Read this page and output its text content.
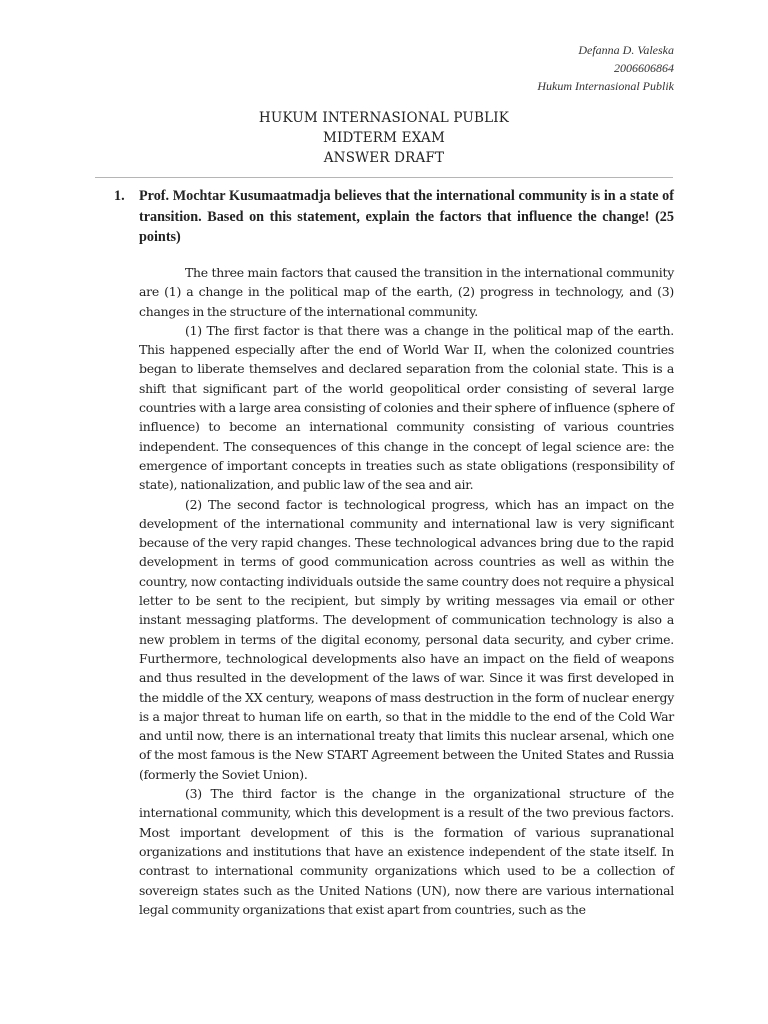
Defanna D. Valeska
2006606864
Hukum Internasional Publik
HUKUM INTERNASIONAL PUBLIK
MIDTERM EXAM
ANSWER DRAFT
1. Prof. Mochtar Kusumaatmadja believes that the international community is in a state of transition. Based on this statement, explain the factors that influence the change! (25 points)

The three main factors that caused the transition in the international community are (1) a change in the political map of the earth, (2) progress in technology, and (3) changes in the structure of the international community.

(1) The first factor is that there was a change in the political map of the earth. This happened especially after the end of World War II, when the colonized countries began to liberate themselves and declared separation from the colonial state. This is a shift that significant part of the world geopolitical order consisting of several large countries with a large area consisting of colonies and their sphere of influence (sphere of influence) to become an international community consisting of various countries independent. The consequences of this change in the concept of legal science are: the emergence of important concepts in treaties such as state obligations (responsibility of state), nationalization, and public law of the sea and air.

(2) The second factor is technological progress, which has an impact on the development of the international community and international law is very significant because of the very rapid changes. These technological advances bring due to the rapid development in terms of good communication across countries as well as within the country, now contacting individuals outside the same country does not require a physical letter to be sent to the recipient, but simply by writing messages via email or other instant messaging platforms. The development of communication technology is also a new problem in terms of the digital economy, personal data security, and cyber crime. Furthermore, technological developments also have an impact on the field of weapons and thus resulted in the development of the laws of war. Since it was first developed in the middle of the XX century, weapons of mass destruction in the form of nuclear energy is a major threat to human life on earth, so that in the middle to the end of the Cold War and until now, there is an international treaty that limits this nuclear arsenal, which one of the most famous is the New START Agreement between the United States and Russia (formerly the Soviet Union).

(3) The third factor is the change in the organizational structure of the international community, which this development is a result of the two previous factors. Most important development of this is the formation of various supranational organizations and institutions that have an existence independent of the state itself. In contrast to international community organizations which used to be a collection of sovereign states such as the United Nations (UN), now there are various international legal community organizations that exist apart from countries, such as the
